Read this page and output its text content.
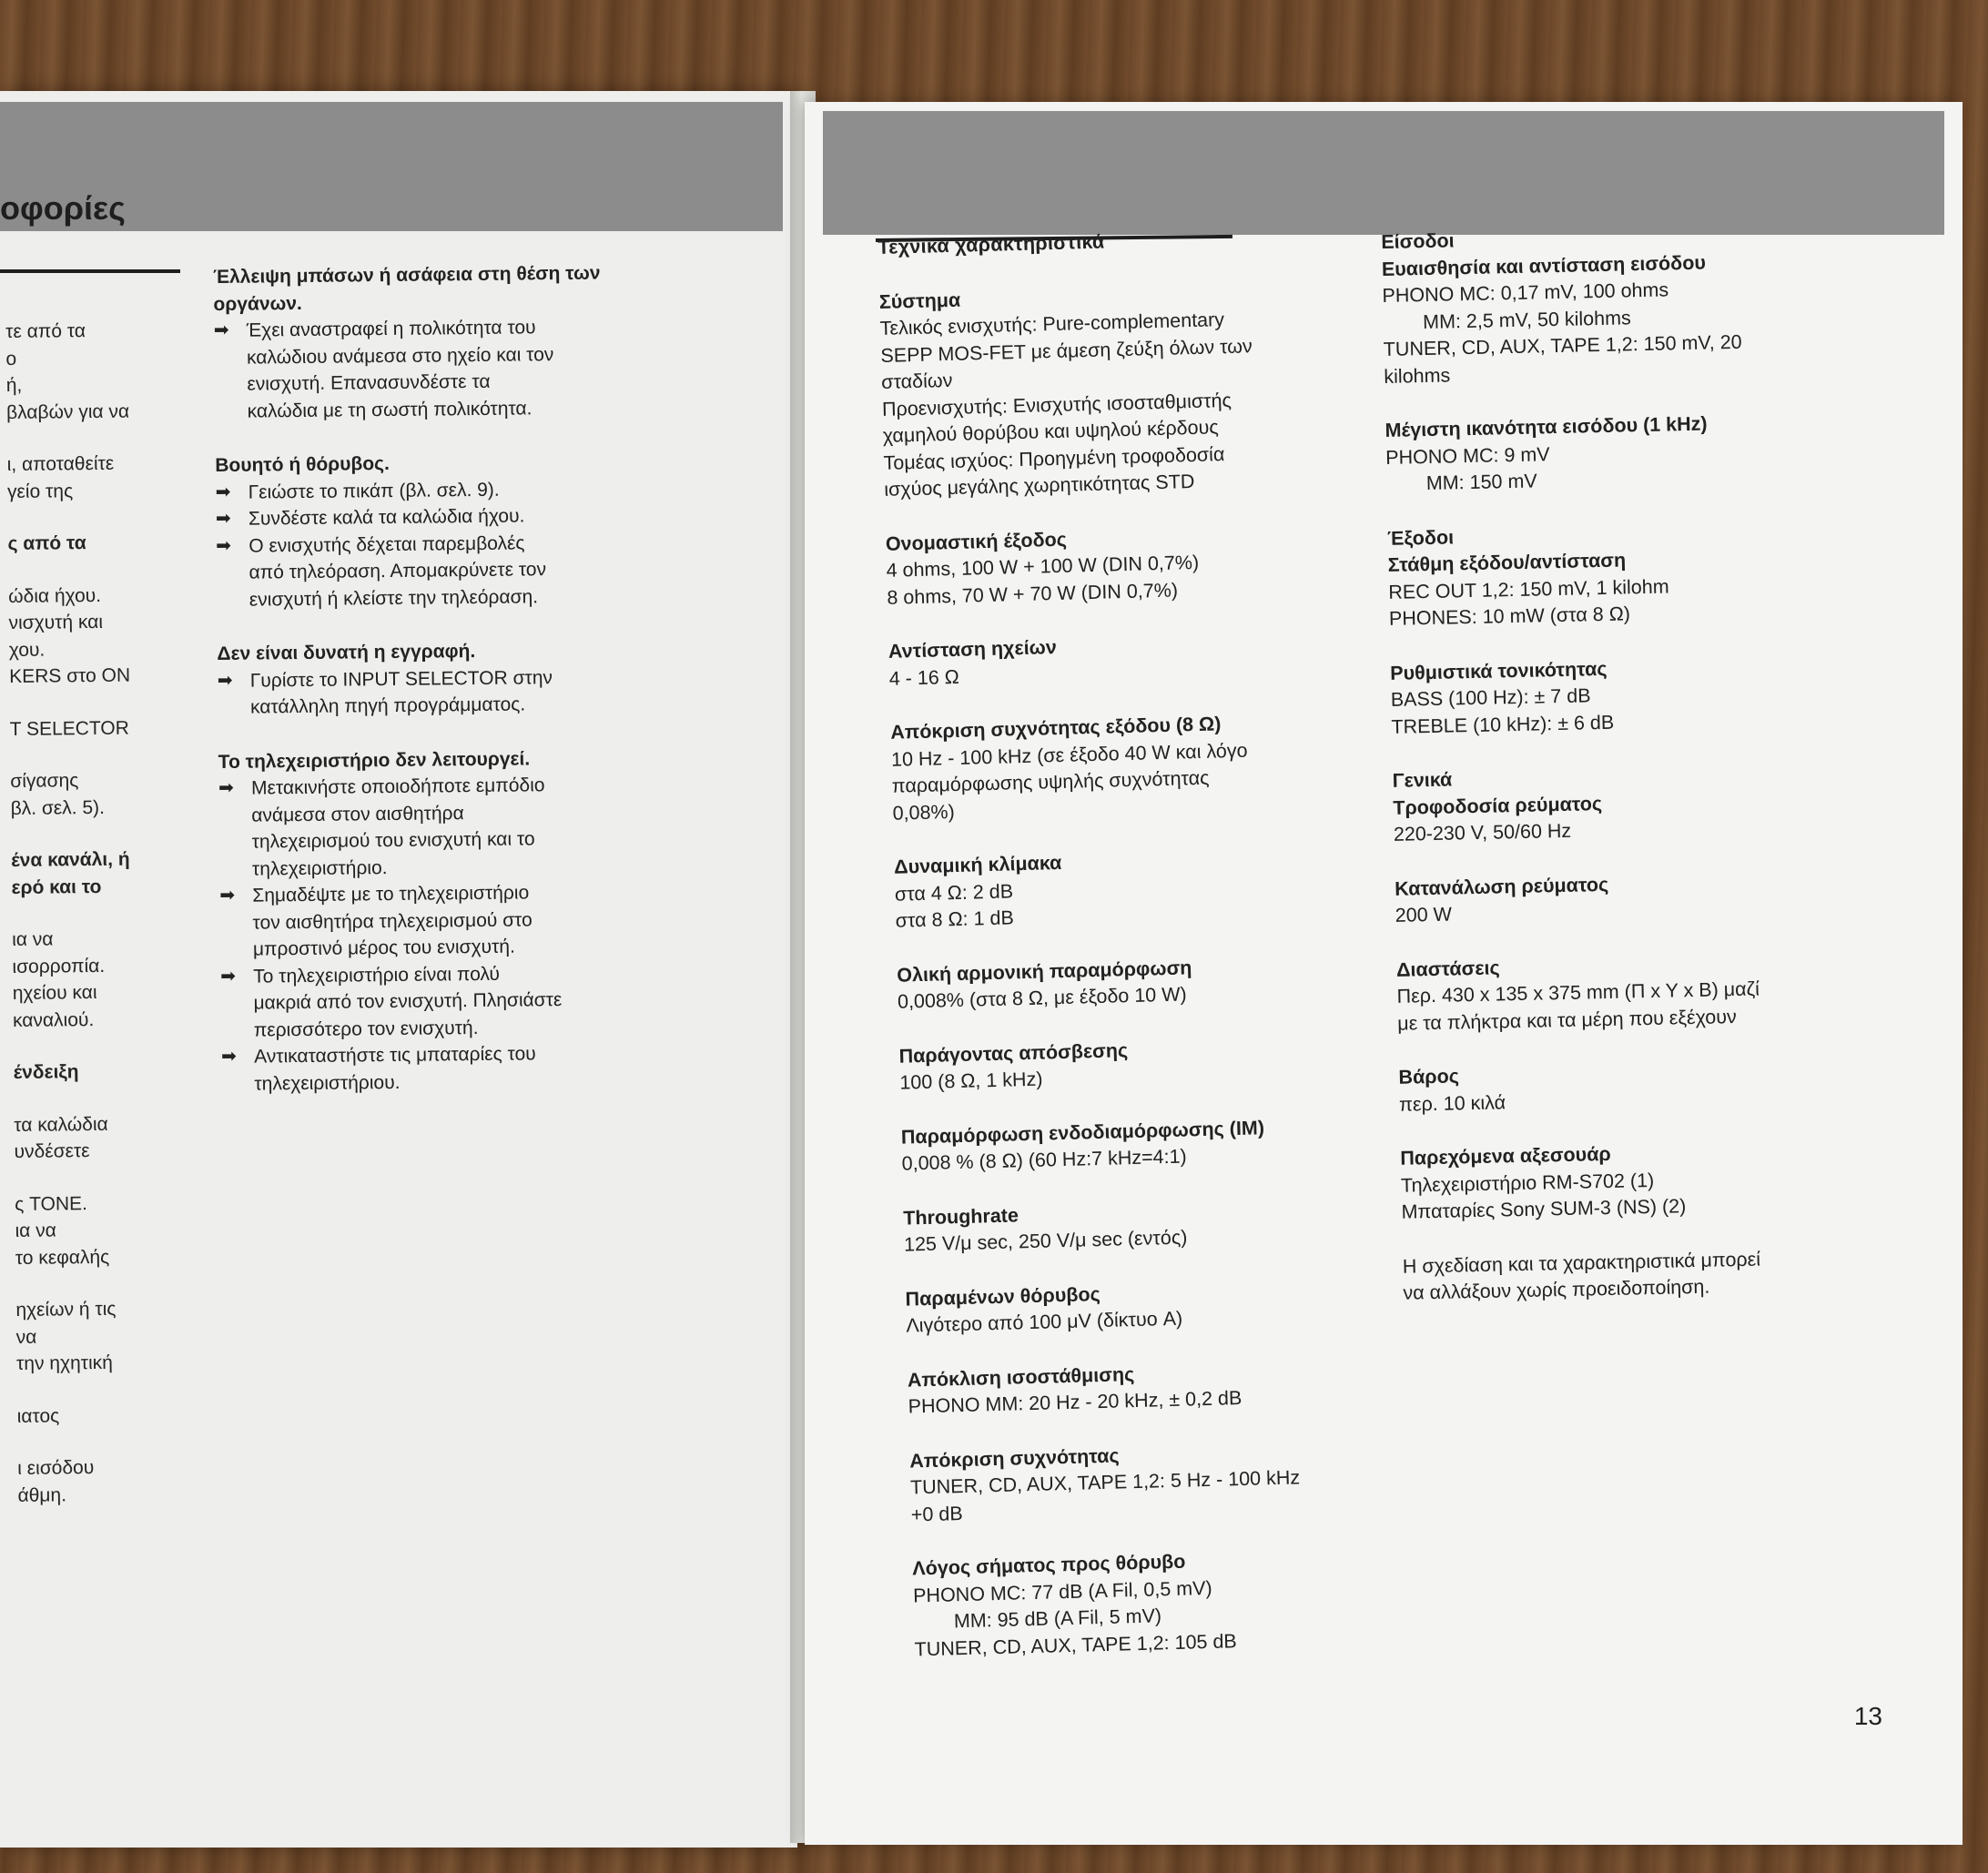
οφορίες
τε από τα
ο
ή,
βλαβών για να
ι, αποταθείτε
γείο της
ς από τα
ώδια ήχου.
νισχυτή και
χου.
KERS στο ON
T SELECTOR
σίγασης
βλ. σελ. 5).
ένα κανάλι, ή
ερό και το
ια να
ισορροπία.
ηχείου και
καναλιού.
ένδειξη
τα καλώδια
υνδέσετε
ς TONE.
ια να
το κεφαλής
ηχείων ή τις
να
την ηχητική
ιατος
ι εισόδου
άθμη.
Έλλειψη μπάσων ή ασάφεια στη θέση των
οργάνων.
➡ Έχει αναστραφεί η πολικότητα του
καλώδιου ανάμεσα στο ηχείο και τον
ενισχυτή. Επανασυνδέστε τα
καλώδια με τη σωστή πολικότητα.
Βουητό ή θόρυβος.
➡ Γειώστε το πικάπ (βλ. σελ. 9).
➡ Συνδέστε καλά τα καλώδια ήχου.
➡ Ο ενισχυτής δέχεται παρεμβολές
από τηλεόραση. Απομακρύνετε τον
ενισχυτή ή κλείστε την τηλεόραση.
Δεν είναι δυνατή η εγγραφή.
➡ Γυρίστε το INPUT SELECTOR στην
κατάλληλη πηγή προγράμματος.
Το τηλεχειριστήριο δεν λειτουργεί.
➡ Μετακινήστε οποιοδήποτε εμπόδιο
ανάμεσα στον αισθητήρα
τηλεχειρισμού του ενισχυτή και το
τηλεχειριστήριο.
➡ Σημαδέψτε με το τηλεχειριστήριο
τον αισθητήρα τηλεχειρισμού στο
μπροστινό μέρος του ενισχυτή.
➡ Το τηλεχειριστήριο είναι πολύ
μακριά από τον ενισχυτή. Πλησιάστε
περισσότερο τον ενισχυτή.
➡ Αντικαταστήστε τις μπαταρίες του
τηλεχειριστήριου.
Τεχνικά χαρακτηριστικά
Σύστημα
Τελικός ενισχυτής: Pure-complementary
SEPP MOS-FET με άμεση ζεύξη όλων των
σταδίων
Προενισχυτής: Ενισχυτής ισοσταθμιστής
χαμηλού θορύβου και υψηλού κέρδους
Τομέας ισχύος: Προηγμένη τροφοδοσία
ισχύος μεγάλης χωρητικότητας STD
Ονομαστική έξοδος
4 ohms, 100 W + 100 W (DIN 0,7%)
8 ohms, 70 W + 70 W (DIN 0,7%)
Αντίσταση ηχείων
4 - 16 Ω
Απόκριση συχνότητας εξόδου (8 Ω)
10 Hz - 100 kHz (σε έξοδο 40 W και λόγο
παραμόρφωσης υψηλής συχνότητας
0,08%)
Δυναμική κλίμακα
στα 4 Ω: 2 dB
στα 8 Ω: 1 dB
Ολική αρμονική παραμόρφωση
0,008% (στα 8 Ω, με έξοδο 10 W)
Παράγοντας απόσβεσης
100 (8 Ω, 1 kHz)
Παραμόρφωση ενδοδιαμόρφωσης (IM)
0,008 % (8 Ω) (60 Hz:7 kHz=4:1)
Throughrate
125 V/μ sec, 250 V/μ sec (εντός)
Παραμένων θόρυβος
Λιγότερο από 100 μV (δίκτυο A)
Απόκλιση ισοστάθμισης
PHONO MM: 20 Hz - 20 kHz, ± 0,2 dB
Απόκριση συχνότητας
TUNER, CD, AUX, TAPE 1,2: 5 Hz - 100 kHz
+0 dB
Λόγος σήματος προς θόρυβο
PHONO MC: 77 dB (A Fil, 0,5 mV)
MM: 95 dB (A Fil, 5 mV)
TUNER, CD, AUX, TAPE 1,2: 105 dB
Είσοδοι
Ευαισθησία και αντίσταση εισόδου
PHONO MC: 0,17 mV, 100 ohms
MM: 2,5 mV, 50 kilohms
TUNER, CD, AUX, TAPE 1,2: 150 mV, 20
kilohms
Μέγιστη ικανότητα εισόδου (1 kHz)
PHONO MC: 9 mV
MM: 150 mV
Έξοδοι
Στάθμη εξόδου/αντίσταση
REC OUT 1,2: 150 mV, 1 kilohm
PHONES: 10 mW (στα 8 Ω)
Ρυθμιστικά τονικότητας
BASS (100 Hz): ± 7 dB
TREBLE (10 kHz): ± 6 dB
Γενικά
Τροφοδοσία ρεύματος
220-230 V, 50/60 Hz
Κατανάλωση ρεύματος
200 W
Διαστάσεις
Περ. 430 x 135 x 375 mm (Π x Y x B) μαζί
με τα πλήκτρα και τα μέρη που εξέχουν
Βάρος
περ. 10 κιλά
Παρεχόμενα αξεσουάρ
Τηλεχειριστήριο RM-S702 (1)
Μπαταρίες Sony SUM-3 (NS) (2)
Η σχεδίαση και τα χαρακτηριστικά μπορεί
να αλλάξουν χωρίς προειδοποίηση.
13
